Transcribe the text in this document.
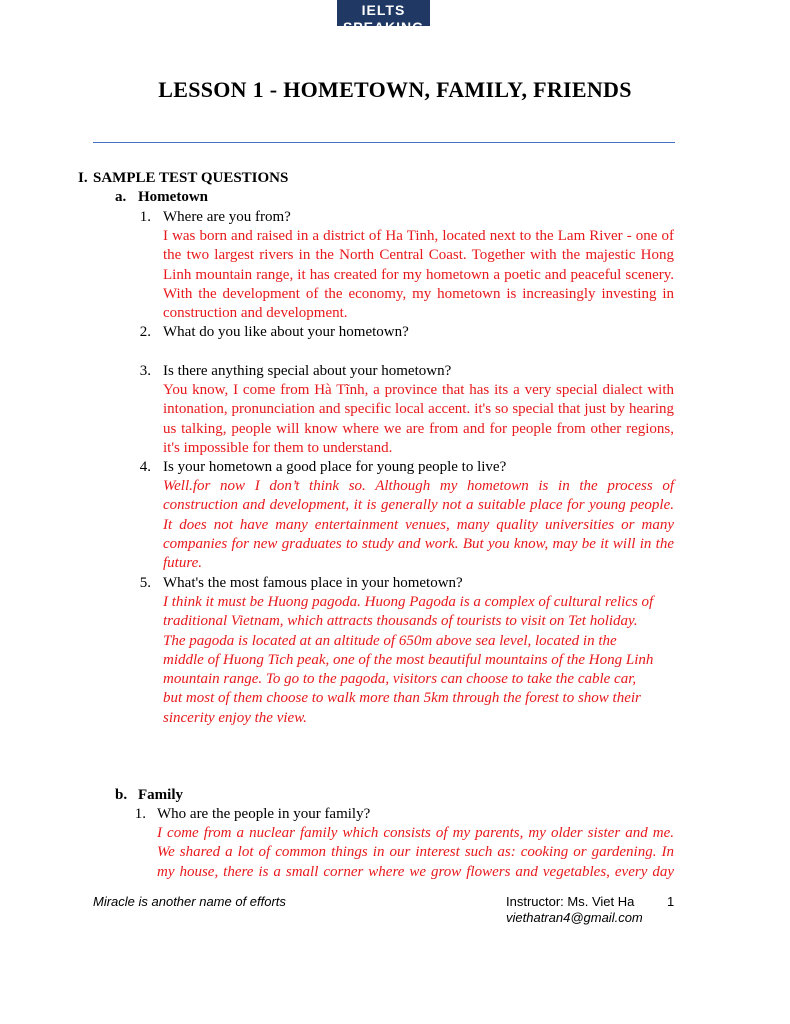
IELTS SPEAKING
LESSON 1 - HOMETOWN, FAMILY, FRIENDS
I. SAMPLE TEST QUESTIONS
a. Hometown
1. Where are you from?
I was born and raised in a district of Ha Tinh, located next to the Lam River - one of the two largest rivers in the North Central Coast. Together with the majestic Hong Linh mountain range, it has created for my hometown a poetic and peaceful scenery. With the development of the economy, my hometown is increasingly investing in construction and development.
2. What do you like about your hometown?
3. Is there anything special about your hometown?
You know, I come from Hà Tĩnh, a province that has its a very special dialect with intonation, pronunciation and specific local accent. it's so special that just by hearing us talking, people will know where we are from and for people from other regions, it's impossible for them to understand.
4. Is your hometown a good place for young people to live?
Well.for now I don’t think so. Although my hometown is in the process of construction and development, it is generally not a suitable place for young people. It does not have many entertainment venues, many quality universities or many companies for new graduates to study and work. But you know, may be it will in the future.
5. What's the most famous place in your hometown?
I think it must be Huong pagoda. Huong Pagoda is a complex of cultural relics of
traditional Vietnam, which attracts thousands of tourists to visit on Tet holiday.
The pagoda is located at an altitude of 650m above sea level, located in the
middle of Huong Tich peak, one of the most beautiful mountains of the Hong Linh
mountain range. To go to the pagoda, visitors can choose to take the cable car,
but most of them choose to walk more than 5km through the forest to show their
sincerity enjoy the view.
b. Family
1. Who are the people in your family?
I come from a nuclear family which consists of my parents, my older sister and me. We shared a lot of common things in our interest such as: cooking or gardening. In my house, there is a small corner where we grow flowers and vegetables, every day
Miracle is another name of efforts	Instructor: Ms. Viet Ha
viethatran4@gmail.com
1
